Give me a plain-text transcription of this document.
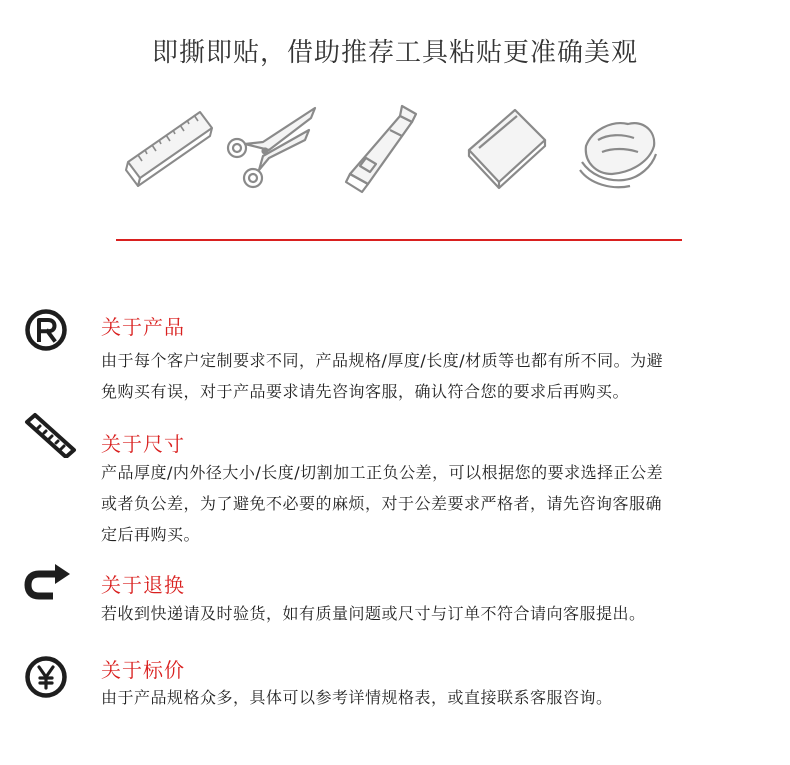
即撕即贴，借助推荐工具粘贴更准确美观
关于产品
由于每个客户定制要求不同，产品规格/厚度/长度/材质等也都有所不同。为避
免购买有误，对于产品要求请先咨询客服，确认符合您的要求后再购买。
关于尺寸
产品厚度/内外径大小/长度/切割加工正负公差，可以根据您的要求选择正公差
或者负公差，为了避免不必要的麻烦，对于公差要求严格者，请先咨询客服确
定后再购买。
关于退换
若收到快递请及时验货，如有质量问题或尺寸与订单不符合请向客服提出。
关于标价
由于产品规格众多，具体可以参考详情规格表，或直接联系客服咨询。
